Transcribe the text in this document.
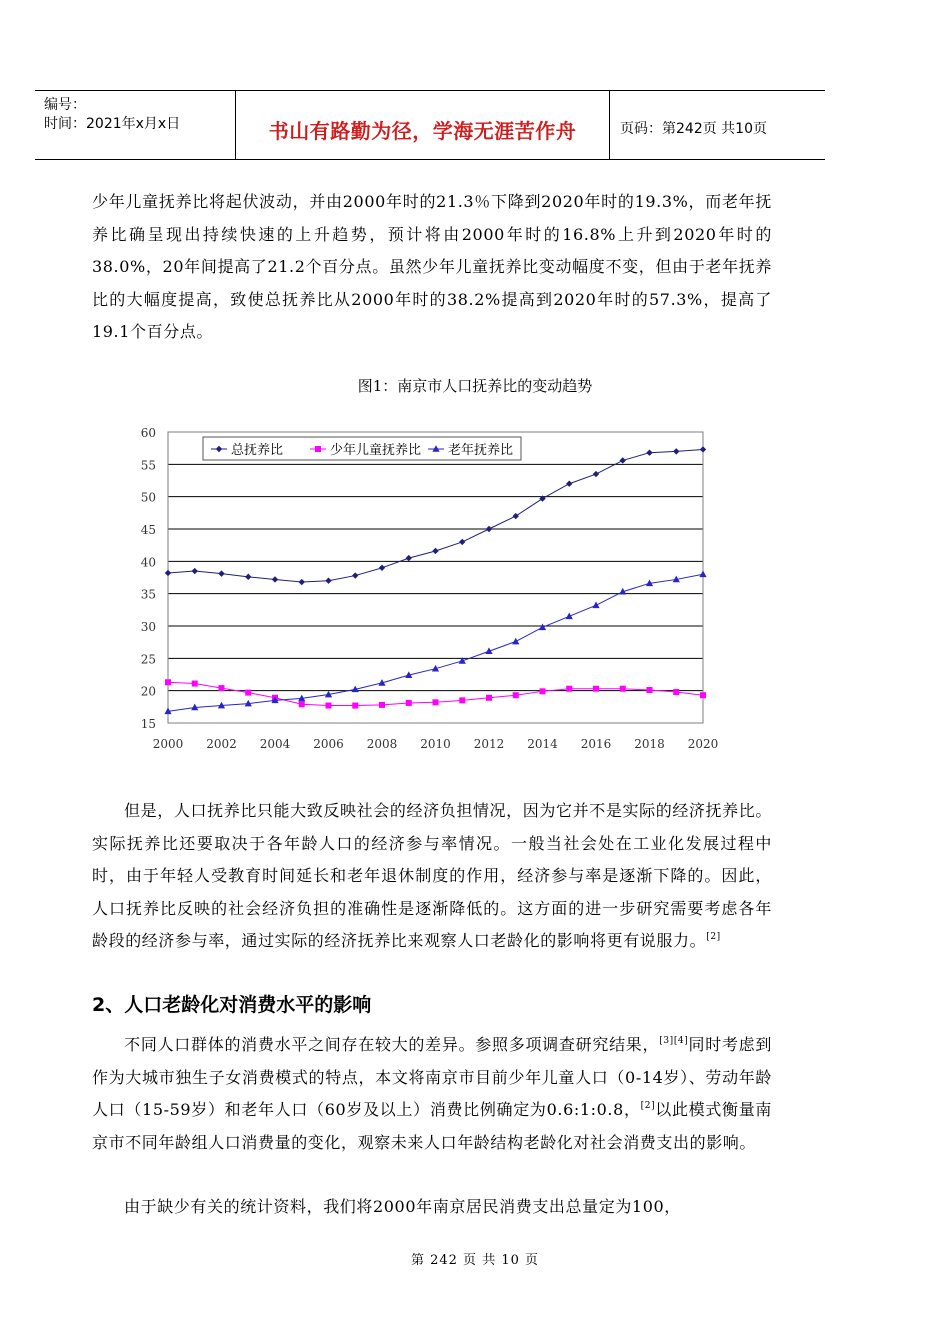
编号：
时间：2021年x月x日	书山有路勤为径，学海无涯苦作舟	页码：第242页 共10页
少年儿童抚养比将起伏波动，并由2000年时的21.3％下降到2020年时的19.3%，而老年抚养比确呈现出持续快速的上升趋势，预计将由2000年时的16.8%上升到2020年时的38.0%，20年间提高了21.2个百分点。虽然少年儿童抚养比变动幅度不变，但由于老年抚养比的大幅度提高，致使总抚养比从2000年时的38.2%提高到2020年时的57.3%，提高了19.1个百分点。
图1：南京市人口抚养比的变动趋势
60
55
50
45
40
35
30
25
20
15
2000 2002 2004 2006 2008 2010 2012 2014 2016 2018 2020
总抚养比	少年儿童抚养比 老年抚养比
但是，人口抚养比只能大致反映社会的经济负担情况，因为它并不是实际的经济抚养比。实际抚养比还要取决于各年龄人口的经济参与率情况。一般当社会处在工业化发展过程中时，由于年轻人受教育时间延长和老年退休制度的作用，经济参与率是逐渐下降的。因此，人口抚养比反映的社会经济负担的准确性是逐渐降低的。这方面的进一步研究需要考虑各年龄段的经济参与率，通过实际的经济抚养比来观察人口老龄化的影响将更有说服力。[2]
2、人口老龄化对消费水平的影响
不同人口群体的消费水平之间存在较大的差异。参照多项调查研究结果，[3][4]同时考虑到作为大城市独生子女消费模式的特点，本文将南京市目前少年儿童人口（0-14岁）、劳动年龄人口（15-59岁）和老年人口（60岁及以上）消费比例确定为0.6:1:0.8，[2]以此模式衡量南京市不同年龄组人口消费量的变化，观察未来人口年龄结构老龄化对社会消费支出的影响。
由于缺少有关的统计资料，我们将2000年南京居民消费支出总量定为100，
第 242 页 共 10 页
